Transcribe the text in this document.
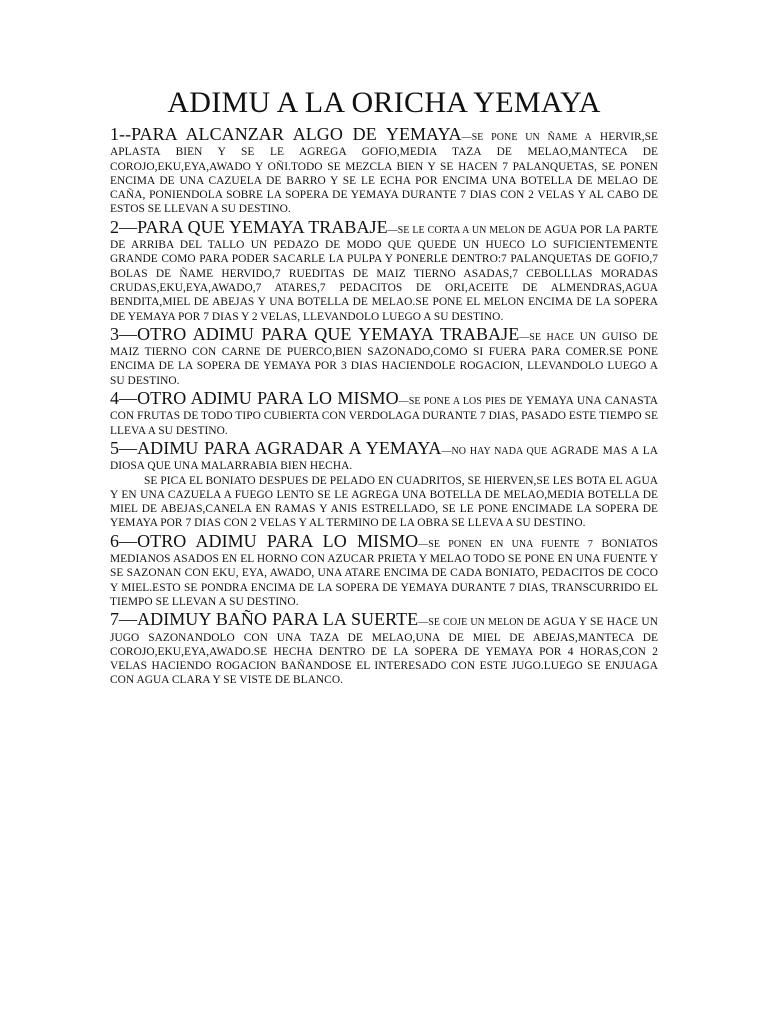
ADIMU A LA ORICHA YEMAYA

1--PARA ALCANZAR ALGO DE YEMAYA—SE PONE UN ÑAME A HERVIR,SE APLASTA BIEN Y SE LE AGREGA GOFIO,MEDIA TAZA DE MELAO,MANTECA DE COROJO,EKU,EYA,AWADO Y OÑI.TODO SE MEZCLA BIEN Y SE HACEN 7 PALANQUETAS, SE PONEN ENCIMA DE UNA CAZUELA DE BARRO Y SE LE ECHA POR ENCIMA UNA BOTELLA DE MELAO DE CAÑA, PONIENDOLA SOBRE LA SOPERA DE YEMAYA DURANTE 7 DIAS CON 2 VELAS Y AL CABO DE ESTOS SE LLEVAN A SU DESTINO.

2—PARA QUE YEMAYA TRABAJE—SE LE CORTA A UN MELON DE AGUA POR LA PARTE DE ARRIBA DEL TALLO UN PEDAZO DE MODO QUE QUEDE UN HUECO LO SUFICIENTEMENTE GRANDE COMO PARA PODER SACARLE LA PULPA Y PONERLE DENTRO:7 PALANQUETAS DE GOFIO,7 BOLAS DE ÑAME HERVIDO,7 RUEDITAS DE MAIZ TIERNO ASADAS,7 CEBOLLLAS MORADAS CRUDAS,EKU,EYA,AWADO,7 ATARES,7 PEDACITOS DE ORI,ACEITE DE ALMENDRAS,AGUA BENDITA,MIEL DE ABEJAS Y UNA BOTELLA DE MELAO.SE PONE EL MELON ENCIMA DE LA SOPERA DE YEMAYA POR 7 DIAS Y 2 VELAS, LLEVANDOLO LUEGO A SU DESTINO.

3—OTRO ADIMU PARA QUE YEMAYA TRABAJE—SE HACE UN GUISO DE MAIZ TIERNO CON CARNE DE PUERCO,BIEN SAZONADO,COMO SI FUERA PARA COMER.SE PONE ENCIMA DE LA SOPERA DE YEMAYA POR 3 DIAS HACIENDOLE ROGACION, LLEVANDOLO LUEGO A SU DESTINO.

4—OTRO ADIMU PARA LO MISMO—SE PONE A LOS PIES DE YEMAYA UNA CANASTA CON FRUTAS DE TODO TIPO CUBIERTA CON VERDOLAGA DURANTE 7 DIAS, PASADO ESTE TIEMPO SE LLEVA A SU DESTINO.

5—ADIMU PARA AGRADAR A YEMAYA—NO HAY NADA QUE AGRADE MAS A LA DIOSA QUE UNA MALARRABIA BIEN HECHA.

SE PICA EL BONIATO DESPUES DE PELADO EN CUADRITOS, SE HIERVEN,SE LES BOTA EL AGUA Y EN UNA CAZUELA A FUEGO LENTO SE LE AGREGA UNA BOTELLA DE MELAO,MEDIA BOTELLA DE MIEL DE ABEJAS,CANELA EN RAMAS Y ANIS ESTRELLADO, SE LE PONE ENCIMADE LA SOPERA DE YEMAYA POR 7 DIAS CON 2 VELAS Y AL TERMINO DE LA OBRA SE LLEVA A SU DESTINO.

6—OTRO ADIMU PARA LO MISMO—SE PONEN EN UNA FUENTE 7 BONIATOS MEDIANOS ASADOS EN EL HORNO CON AZUCAR PRIETA Y MELAO TODO SE PONE EN UNA FUENTE Y SE SAZONAN CON EKU, EYA, AWADO, UNA ATARE ENCIMA DE CADA BONIATO, PEDACITOS DE COCO Y MIEL.ESTO SE PONDRA ENCIMA DE LA SOPERA DE YEMAYA DURANTE 7 DIAS, TRANSCURRIDO EL TIEMPO SE LLEVAN A SU DESTINO.

7—ADIMUY BAÑO PARA LA SUERTE—SE COJE UN MELON DE AGUA Y SE HACE UN JUGO SAZONANDOLO CON UNA TAZA DE MELAO,UNA DE MIEL DE ABEJAS,MANTECA DE COROJO,EKU,EYA,AWADO.SE HECHA DENTRO DE LA SOPERA DE YEMAYA POR 4 HORAS,CON 2 VELAS HACIENDO ROGACION BAÑANDOSE EL INTERESADO CON ESTE JUGO.LUEGO SE ENJUAGA CON AGUA CLARA Y SE VISTE DE BLANCO.
